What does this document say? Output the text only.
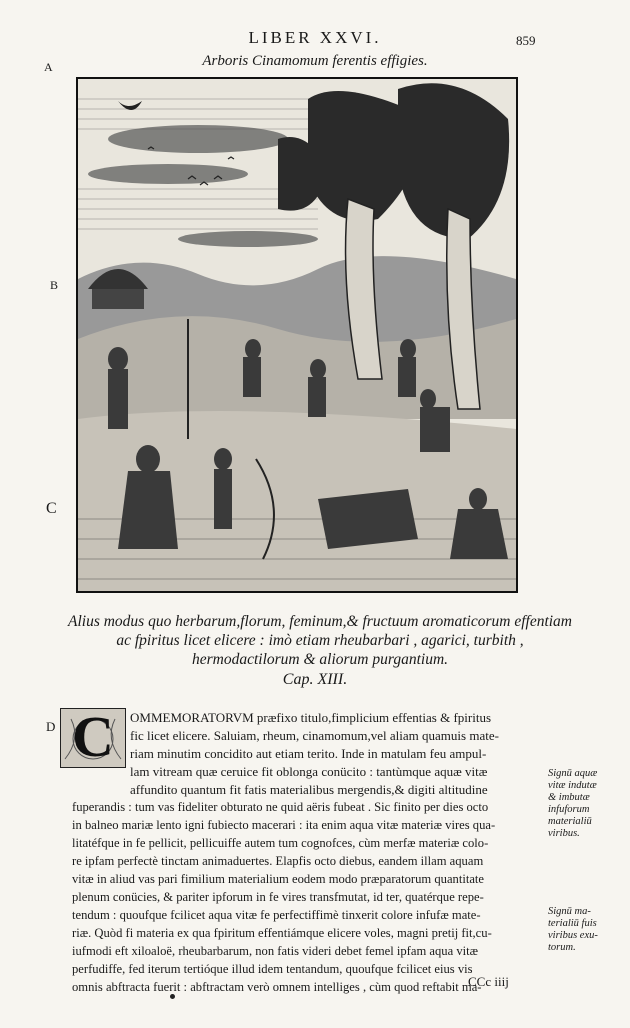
LIBER XXVI.	859
A
B
C
D
Arboris Cinamomum ferentis effigies.
Alius modus quo herbarum,florum, feminum,& fructuum aromaticorum effentiam
ac fpiritus licet elicere : imò etiam rheubarbari , agarici, turbith ,
hermodactilorum & aliorum purgantium.
Cap. XIII.
C	OMMEMORATORVM præfixo titulo,fimplicium effentias & fpiritus
fic licet elicere. Saluiam, rheum, cinamomum,vel aliam quamuis mate-
riam minutim concidito aut etiam terito. Inde in matulam feu ampul-
lam vitream quæ ceruice fit oblonga conücito : tantùmque aquæ vitæ
affundito quantum fit fatis materialibus mergendis,& digiti altitudine
fuperandis : tum vas fideliter obturato ne quid aëris fubeat . Sic finito per dies octo
in balneo mariæ lento igni fubiecto macerari : ita enim aqua vitæ materiæ vires qua-
litatéfque in fe pellicit, pellicuiffe autem tum cognofces, cùm merfæ materiæ colo-
re ipfam perfectè tinctam animaduertes. Elapfis octo diebus, eandem illam aquam
vitæ in aliud vas pari fimilium materialium eodem modo præparatorum quantitate
plenum conücies, & pariter ipforum in fe vires transfmutat, id ter, quatérque repe-
tendum : quoufque fcilicet aqua vitæ fe perfectiffimè tinxerit colore infufæ mate-
riæ. Quòd fi materia ex qua fpiritum effentiámque elicere voles, magni pretij fit,cu-
iufmodi eft xiloaloë, rheubarbarum, non fatis videri debet femel ipfam aqua vitæ
perfudiffe, fed iterum tertióque illud idem tentandum, quoufque fcilicet eius vis
omnis abftracta fuerit : abftractam verò omnem intelliges , cùm quod reftabit ma-
Signū aquæ
vitæ indutæ
& imbutæ
infuforum
materialiū
viribus.
Signū ma-
terialiū fuis
viribus exu-
torum.
CCc iiij
